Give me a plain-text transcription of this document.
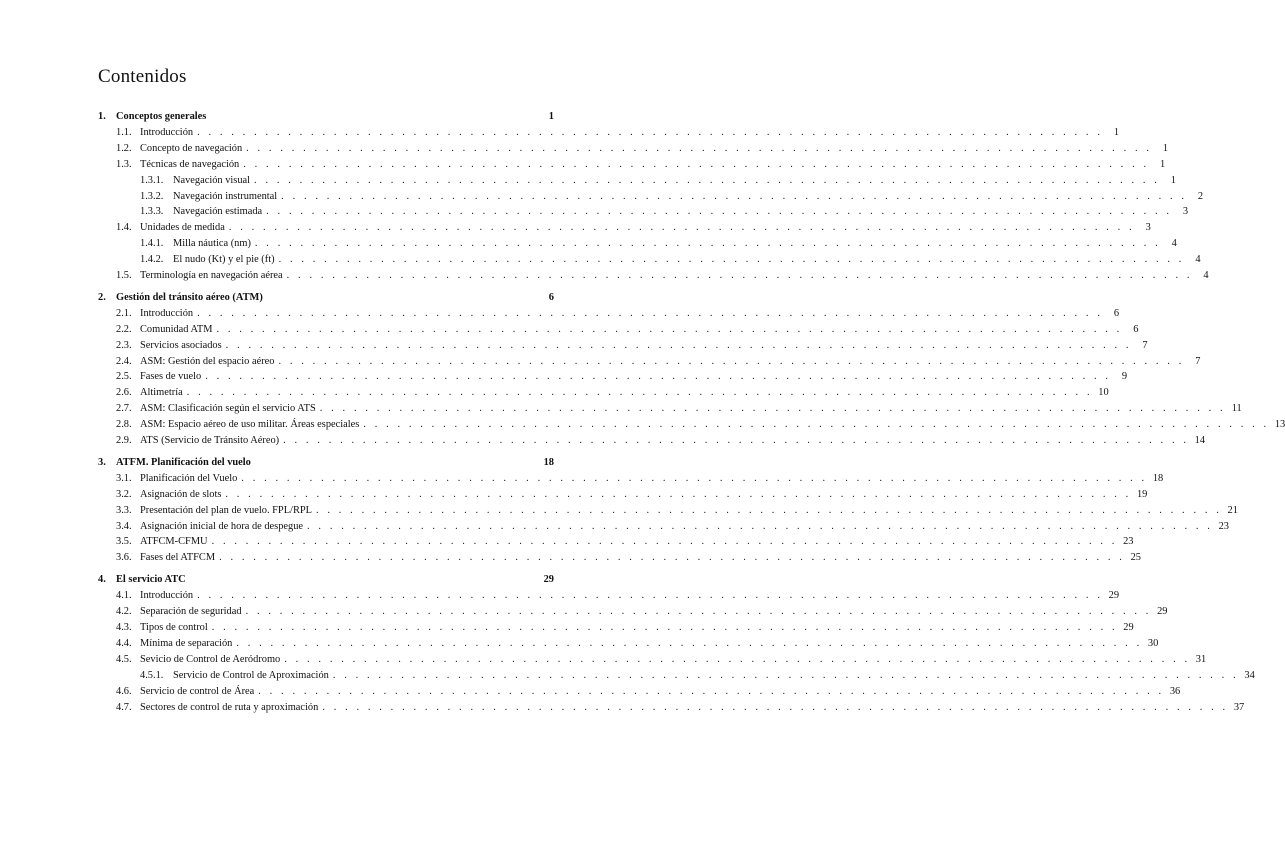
Contenidos
1. Conceptos generales	1
1.1. Introducción . . . . . . . . . . . . . . . . . . . . . . . . . . . . . . . . . . . . . . . . . . . . . . . . . . . . . . . . . . . . . . . . . . . . . . . . . . . . . . . .	1
1.2. Concepto de navegación . . . . . . . . . . . . . . . . . . . . . . . . . . . . . . . . . . . . . . . . . . . . . . . . . . . . . . . . . . . . . . . . . . . . . . . . . . . . . . . .	1
1.3. Técnicas de navegación . . . . . . . . . . . . . . . . . . . . . . . . . . . . . . . . . . . . . . . . . . . . . . . . . . . . . . . . . . . . . . . . . . . . . . . . . . . . . . . .	1
1.3.1. Navegación visual . . . . . . . . . . . . . . . . . . . . . . . . . . . . . . . . . . . . . . . . . . . . . . . . . . . . . . . . . . . . . . . . . . . . . . . . . . . . . . . .	1
1.3.2. Navegación instrumental . . . . . . . . . . . . . . . . . . . . . . . . . . . . . . . . . . . . . . . . . . . . . . . . . . . . . . . . . . . . . . . . . . . . . . . . . . . . . . . .	2
1.3.3. Navegación estimada . . . . . . . . . . . . . . . . . . . . . . . . . . . . . . . . . . . . . . . . . . . . . . . . . . . . . . . . . . . . . . . . . . . . . . . . . . . . . . . .	3
1.4. Unidades de medida . . . . . . . . . . . . . . . . . . . . . . . . . . . . . . . . . . . . . . . . . . . . . . . . . . . . . . . . . . . . . . . . . . . . . . . . . . . . . . . .	3
1.4.1. Milla náutica (nm) . . . . . . . . . . . . . . . . . . . . . . . . . . . . . . . . . . . . . . . . . . . . . . . . . . . . . . . . . . . . . . . . . . . . . . . . . . . . . . . .	4
1.4.2. El nudo (Kt) y el pie (ft) . . . . . . . . . . . . . . . . . . . . . . . . . . . . . . . . . . . . . . . . . . . . . . . . . . . . . . . . . . . . . . . . . . . . . . . . . . . . . . . .	4
1.5. Terminología en navegación aérea . . . . . . . . . . . . . . . . . . . . . . . . . . . . . . . . . . . . . . . . . . . . . . . . . . . . . . . . . . . . . . . . . . . . . . . . . . . . . . . .	4
2. Gestión del tránsito aéreo (ATM)	6
2.1. Introducción . . . . . . . . . . . . . . . . . . . . . . . . . . . . . . . . . . . . . . . . . . . . . . . . . . . . . . . . . . . . . . . . . . . . . . . . . . . . . . . .	6
2.2. Comunidad ATM . . . . . . . . . . . . . . . . . . . . . . . . . . . . . . . . . . . . . . . . . . . . . . . . . . . . . . . . . . . . . . . . . . . . . . . . . . . . . . . .	6
2.3. Servicios asociados . . . . . . . . . . . . . . . . . . . . . . . . . . . . . . . . . . . . . . . . . . . . . . . . . . . . . . . . . . . . . . . . . . . . . . . . . . . . . . . .	7
2.4. ASM: Gestión del espacio aéreo . . . . . . . . . . . . . . . . . . . . . . . . . . . . . . . . . . . . . . . . . . . . . . . . . . . . . . . . . . . . . . . . . . . . . . . . . . . . . . . .	7
2.5. Fases de vuelo . . . . . . . . . . . . . . . . . . . . . . . . . . . . . . . . . . . . . . . . . . . . . . . . . . . . . . . . . . . . . . . . . . . . . . . . . . . . . . . .	9
2.6. Altimetría . . . . . . . . . . . . . . . . . . . . . . . . . . . . . . . . . . . . . . . . . . . . . . . . . . . . . . . . . . . . . . . . . . . . . . . . . . . . . . . . 10
2.7. ASM: Clasificación según el servicio ATS . . . . . . . . . . . . . . . . . . . . . . . . . . . . . . . . . . . . . . . . . . . . . . . . . . . . . . . . . . . . . . . . . . . . . . . . . . . . . . . . 11
2.8. ASM: Espacio aéreo de uso militar. Áreas especiales . . . . . . . . . . . . . . . . . . . . . . . . . . . . . . . . . . . . . . . . . . . . . . . . . . . . . . . . . . . . . . . . . . . . . . . . . . . . . . . . 13
2.9. ATS (Servicio de Tránsito Aéreo) . . . . . . . . . . . . . . . . . . . . . . . . . . . . . . . . . . . . . . . . . . . . . . . . . . . . . . . . . . . . . . . . . . . . . . . . . . . . . . . . 14
3. ATFM. Planificación del vuelo	18
3.1. Planificación del Vuelo . . . . . . . . . . . . . . . . . . . . . . . . . . . . . . . . . . . . . . . . . . . . . . . . . . . . . . . . . . . . . . . . . . . . . . . . . . . . . . . . 18
3.2. Asignación de slots . . . . . . . . . . . . . . . . . . . . . . . . . . . . . . . . . . . . . . . . . . . . . . . . . . . . . . . . . . . . . . . . . . . . . . . . . . . . . . . . 19
3.3. Presentación del plan de vuelo. FPL/RPL . . . . . . . . . . . . . . . . . . . . . . . . . . . . . . . . . . . . . . . . . . . . . . . . . . . . . . . . . . . . . . . . . . . . . . . . . . . . . . . . 21
3.4. Asignación inicial de hora de despegue . . . . . . . . . . . . . . . . . . . . . . . . . . . . . . . . . . . . . . . . . . . . . . . . . . . . . . . . . . . . . . . . . . . . . . . . . . . . . . . . 23
3.5. ATFCM-CFMU . . . . . . . . . . . . . . . . . . . . . . . . . . . . . . . . . . . . . . . . . . . . . . . . . . . . . . . . . . . . . . . . . . . . . . . . . . . . . . . . 23
3.6. Fases del ATFCM . . . . . . . . . . . . . . . . . . . . . . . . . . . . . . . . . . . . . . . . . . . . . . . . . . . . . . . . . . . . . . . . . . . . . . . . . . . . . . . . 25
4. El servicio ATC	29
4.1. Introducción . . . . . . . . . . . . . . . . . . . . . . . . . . . . . . . . . . . . . . . . . . . . . . . . . . . . . . . . . . . . . . . . . . . . . . . . . . . . . . . . 29
4.2. Separación de seguridad . . . . . . . . . . . . . . . . . . . . . . . . . . . . . . . . . . . . . . . . . . . . . . . . . . . . . . . . . . . . . . . . . . . . . . . . . . . . . . . . 29
4.3. Tipos de control . . . . . . . . . . . . . . . . . . . . . . . . . . . . . . . . . . . . . . . . . . . . . . . . . . . . . . . . . . . . . . . . . . . . . . . . . . . . . . . . 29
4.4. Mínima de separación . . . . . . . . . . . . . . . . . . . . . . . . . . . . . . . . . . . . . . . . . . . . . . . . . . . . . . . . . . . . . . . . . . . . . . . . . . . . . . . . 30
4.5. Sevicio de Control de Aeródromo . . . . . . . . . . . . . . . . . . . . . . . . . . . . . . . . . . . . . . . . . . . . . . . . . . . . . . . . . . . . . . . . . . . . . . . . . . . . . . . . 31
4.5.1. Servicio de Control de Aproximación . . . . . . . . . . . . . . . . . . . . . . . . . . . . . . . . . . . . . . . . . . . . . . . . . . . . . . . . . . . . . . . . . . . . . . . . . . . . . . . . 34
4.6. Servicio de control de Área . . . . . . . . . . . . . . . . . . . . . . . . . . . . . . . . . . . . . . . . . . . . . . . . . . . . . . . . . . . . . . . . . . . . . . . . . . . . . . . . 36
4.7. Sectores de control de ruta y aproximación . . . . . . . . . . . . . . . . . . . . . . . . . . . . . . . . . . . . . . . . . . . . . . . . . . . . . . . . . . . . . . . . . . . . . . . . . . . . . . . . 37
